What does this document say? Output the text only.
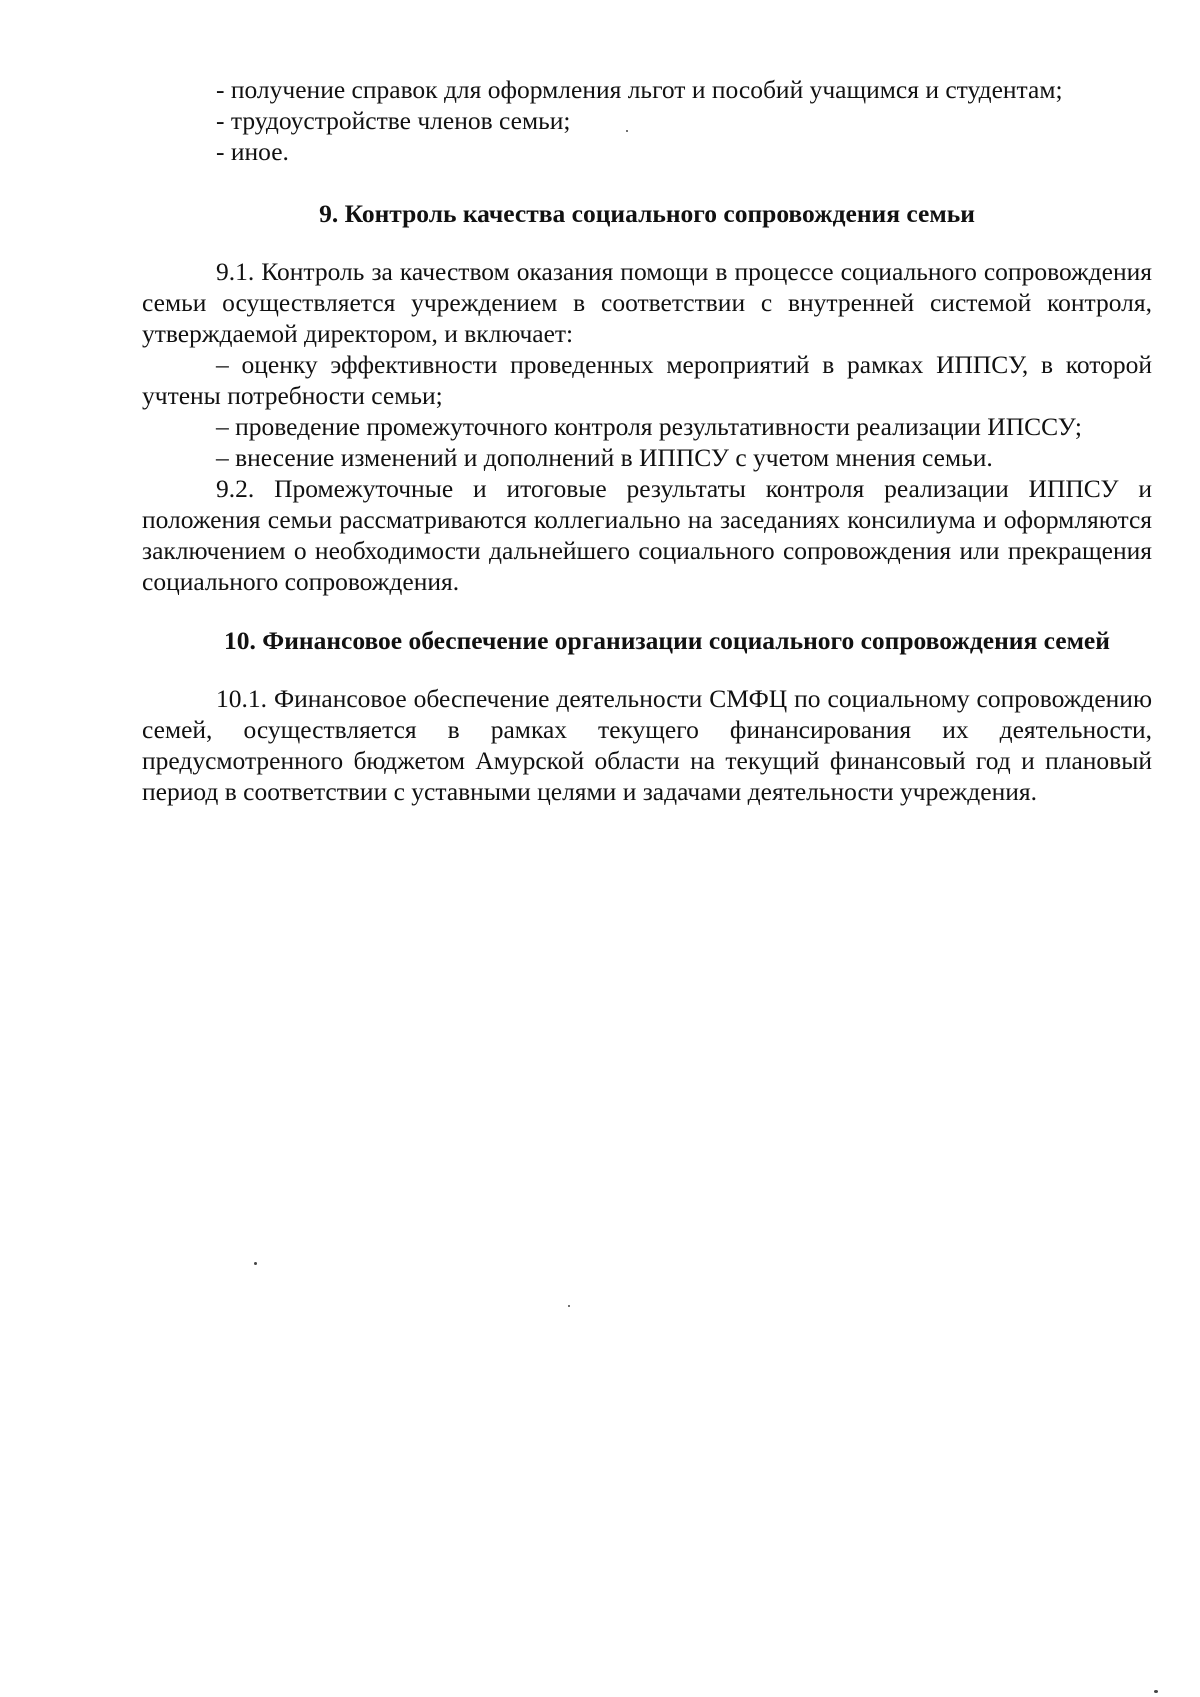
- получение справок для оформления льгот и пособий учащимся и студентам;

- трудоустройстве членов семьи;

- иное.

9. Контроль качества социального сопровождения семьи

9.1. Контроль за качеством оказания помощи в процессе социального сопровождения семьи осуществляется учреждением в соответствии с внутренней системой контроля, утверждаемой директором, и включает:

– оценку эффективности проведенных мероприятий в рамках ИППСУ, в которой учтены потребности семьи;

– проведение промежуточного контроля результативности реализации ИПССУ;

– внесение изменений и дополнений в ИППСУ с учетом мнения семьи.

9.2. Промежуточные и итоговые результаты контроля реализации ИППСУ и положения семьи рассматриваются коллегиально на заседаниях консилиума и оформляются заключением о необходимости дальнейшего социального сопровождения или прекращения социального сопровождения.

10. Финансовое обеспечение организации социального сопровождения семей

10.1. Финансовое обеспечение деятельности СМФЦ по социальному сопровождению семей, осуществляется в рамках текущего финансирования их деятельности, предусмотренного бюджетом Амурской области на текущий финансовый год и плановый период в соответствии с уставными целями и задачами деятельности учреждения.
